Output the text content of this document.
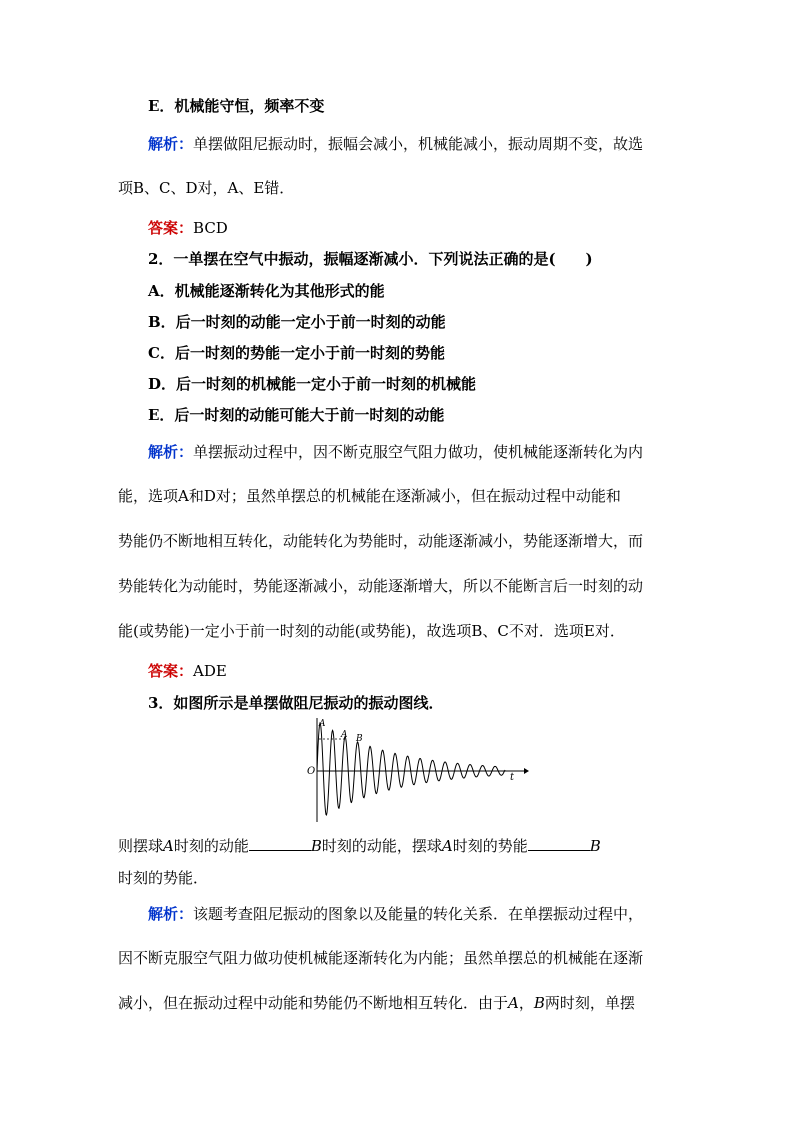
E．机械能守恒，频率不变
解析：单摆做阻尼振动时，振幅会减小，机械能减小，振动周期不变，故选
项B、C、D对，A、E错．
答案：BCD
2．一单摆在空气中振动，振幅逐渐减小．下列说法正确的是(　　)
A．机械能逐渐转化为其他形式的能
B．后一时刻的动能一定小于前一时刻的动能
C．后一时刻的势能一定小于前一时刻的势能
D．后一时刻的机械能一定小于前一时刻的机械能
E．后一时刻的动能可能大于前一时刻的动能
解析：单摆振动过程中，因不断克服空气阻力做功，使机械能逐渐转化为内
能，选项A和D对；虽然单摆总的机械能在逐渐减小，但在振动过程中动能和
势能仍不断地相互转化，动能转化为势能时，动能逐渐减小，势能逐渐增大，而
势能转化为动能时，势能逐渐减小，动能逐渐增大，所以不能断言后一时刻的动
能(或势能)一定小于前一时刻的动能(或势能)，故选项B、C不对．选项E对．
答案：ADE
3．如图所示是单摆做阻尼振动的振动图线．
O
t
A
A B
则摆球A时刻的动能	B时刻的动能，摆球A时刻的势能	B
时刻的势能．
解析：该题考查阻尼振动的图象以及能量的转化关系．在单摆振动过程中，
因不断克服空气阻力做功使机械能逐渐转化为内能；虽然单摆总的机械能在逐渐
减小，但在振动过程中动能和势能仍不断地相互转化．由于A，B两时刻，单摆
